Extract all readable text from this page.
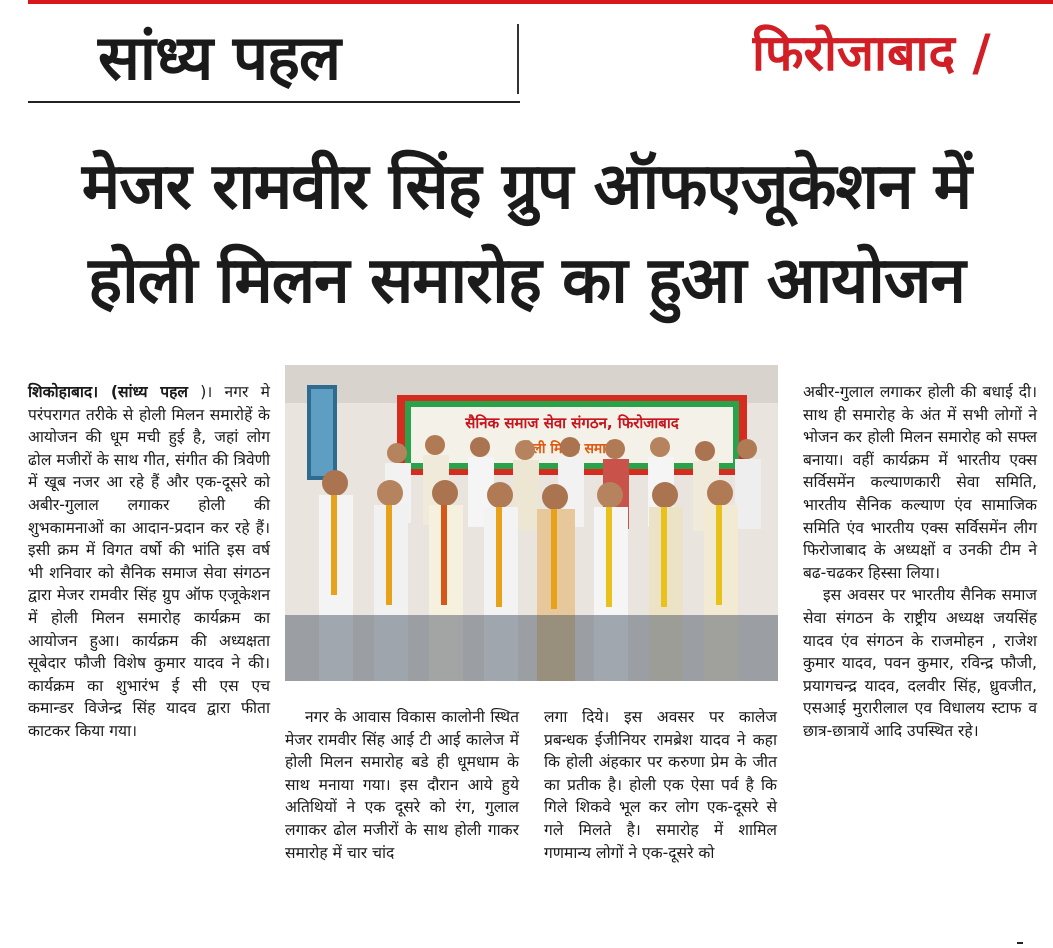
सांध्य पहल	फिरोजाबाद /
मेजर रामवीर सिंह ग्रुप ऑफएजूकेशन में
होली मिलन समारोह का हुआ आयोजन

शिकोहाबाद। (सांध्य पहल )। नगर मे परंपरागत तरीके से होली मिलन समारोहें के आयोजन की धूम मची हुई है, जहां लोग ढोल मजीरों के साथ गीत, संगीत की त्रिवेणी में खूब नजर आ रहे हैं और एक-दूसरे को अबीर-गुलाल लगाकर होली की शुभकामनाओं का आदान-प्रदान कर रहे हैं। इसी क्रम में विगत वर्षो की भांति इस वर्ष भी शनिवार को सैनिक समाज सेवा संगठन द्वारा मेजर रामवीर सिंह ग्रुप ऑफ एजूकेशन में होली मिलन समारोह कार्यक्रम का आयोजन हुआ। कार्यक्रम की अध्यक्षता सूबेदार फौजी विशेष कुमार यादव ने की। कार्यक्रम का शुभारंभ ई सी एस एच कमान्डर विजेन्द्र सिंह यादव द्वारा फीता काटकर किया गया।

सैनिक समाज सेवा संगठन, फिरोजाबाद
समारोह

नगर के आवास विकास कालोनी स्थित मेजर रामवीर सिंह आई टी आई कालेज में होली मिलन समारोह बडे ही धूमधाम के साथ मनाया गया। इस दौरान आये हुये अतिथियों ने एक दूसरे को रंग, गुलाल लगाकर ढोल मजीरों के साथ होली गाकर समारोह में चार चांद

लगा दिये। इस अवसर पर कालेज प्रबन्धक ईजीनियर रामब्रेश यादव ने कहा कि होली अंहकार पर करुणा प्रेम के जीत का प्रतीक है। होली एक ऐसा पर्व है कि गिले शिकवे भूल कर लोग एक-दूसरे से गले मिलते है। समारोह में शामिल गणमान्य लोगों ने एक-दूसरे को

अबीर-गुलाल लगाकर होली की बधाई दी। साथ ही समारोह के अंत में सभी लोगों ने भोजन कर होली मिलन समारोह को सफ्ल बनाया। वहीं कार्यक्रम में भारतीय एक्स सर्विसमेंन कल्याणकारी सेवा समिति, भारतीय सैनिक कल्याण एंव सामाजिक समिति एंव भारतीय एक्स सर्विसमेंन लीग फिरोजाबाद के अध्यक्षों व उनकी टीम ने बढ-चढकर हिस्सा लिया।

इस अवसर पर भारतीय सैनिक समाज सेवा संगठन के राष्ट्रीय अध्यक्ष जयसिंह यादव एंव संगठन के राजमोहन , राजेश कुमार यादव, पवन कुमार, रविन्द्र फौजी, प्रयागचन्द्र यादव, दलवीर सिंह, ध्रुवजीत, एसआई मुरारीलाल एव विधालय स्टाफ व छात्र-छात्रायें आदि उपस्थित रहे।
